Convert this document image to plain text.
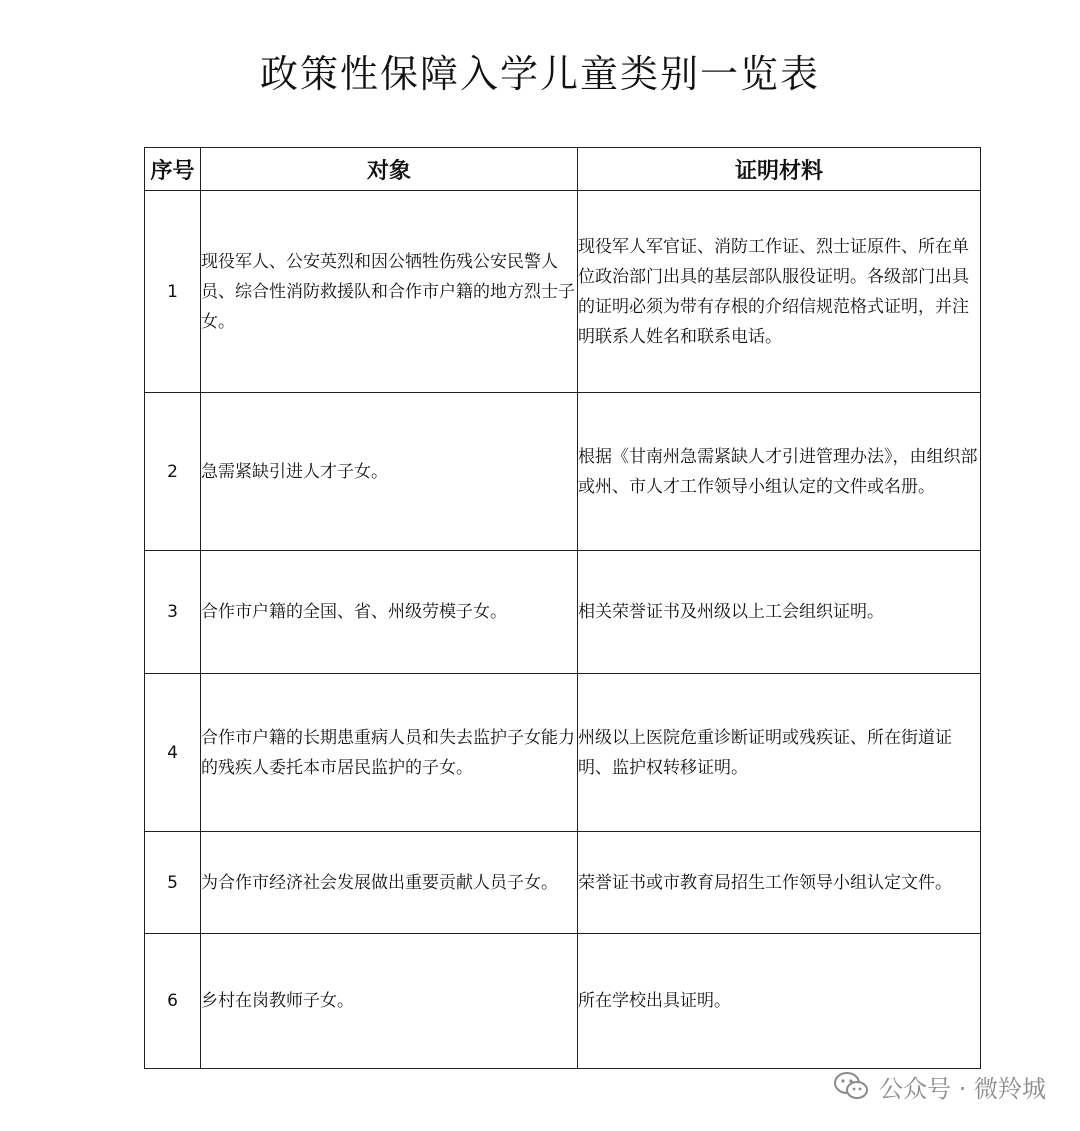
政策性保障入学儿童类别一览表
序号	对象	证明材料
1	现役军人、公安英烈和因公牺牲伤残公安民警人员、综合性消防救援队和合作市户籍的地方烈士子女。	现役军人军官证、消防工作证、烈士证原件、所在单位政治部门出具的基层部队服役证明。各级部门出具的证明必须为带有存根的介绍信规范格式证明，并注明联系人姓名和联系电话。

2	急需紧缺引进人才子女。	根据《甘南州急需紧缺人才引进管理办法》，由组织部或州、市人才工作领导小组认定的文件或名册。

3	合作市户籍的全国、省、州级劳模子女。	相关荣誉证书及州级以上工会组织证明。

4	合作市户籍的长期患重病人员和失去监护子女能力的残疾人委托本市居民监护的子女。	州级以上医院危重诊断证明或残疾证、所在街道证明、监护权转移证明。

5	为合作市经济社会发展做出重要贡献人员子女。	荣誉证书或市教育局招生工作领导小组认定文件。

6	乡村在岗教师子女。	所在学校出具证明。
公众号 · 微羚城
